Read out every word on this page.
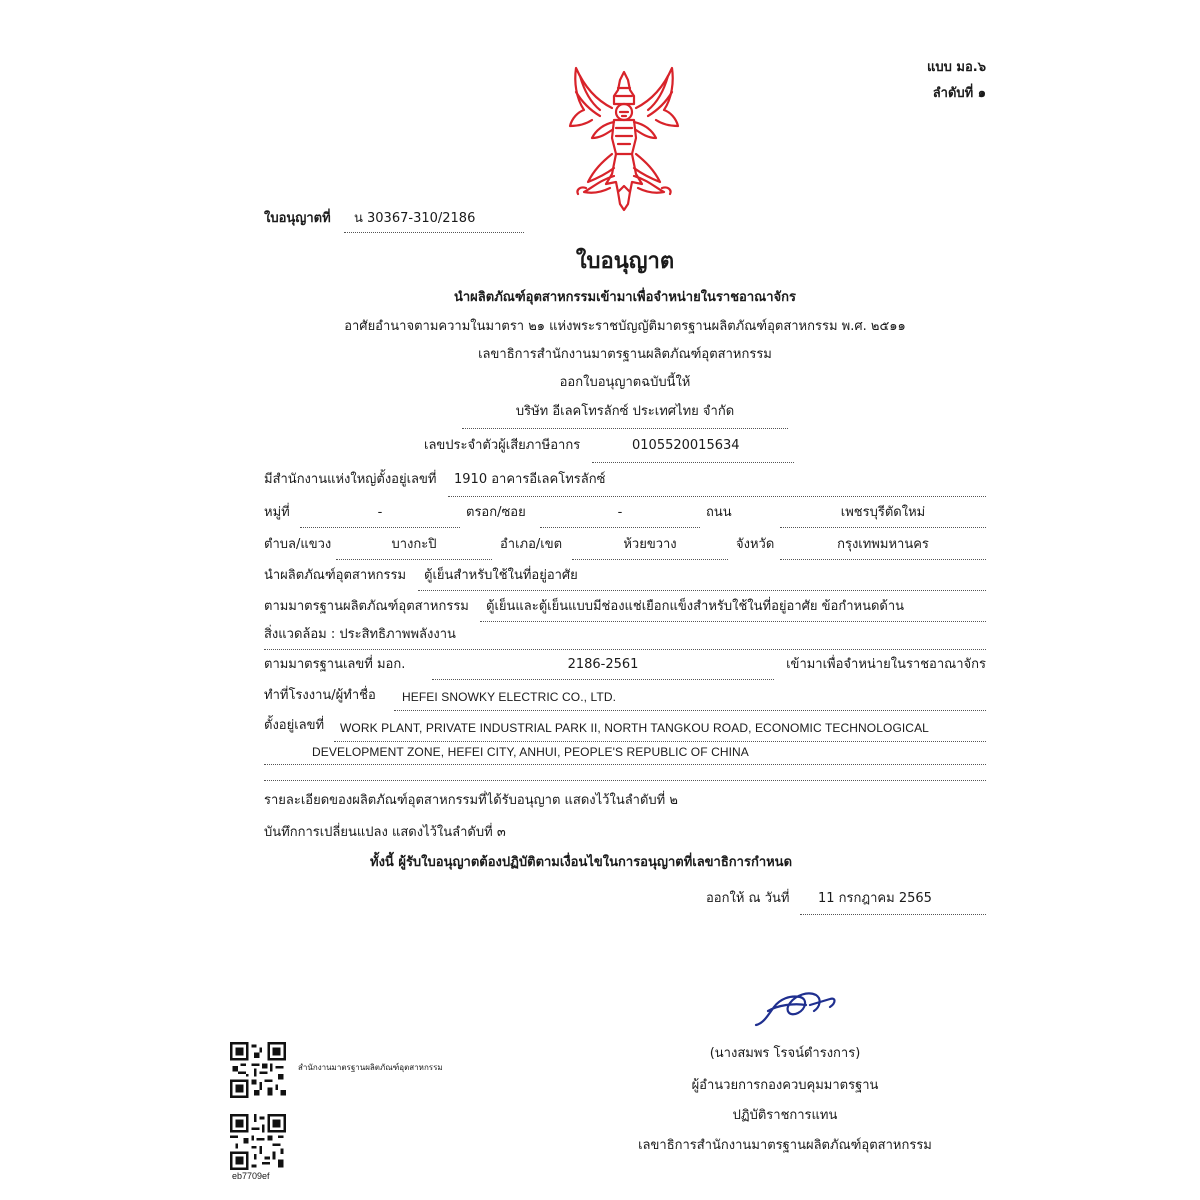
แบบ มอ.๖
ลำดับที่ ๑
ใบอนุญาตที่ น 30367-310/2186
ใบอนุญาต
นำผลิตภัณฑ์อุตสาหกรรมเข้ามาเพื่อจำหน่ายในราชอาณาจักร
อาศัยอำนาจตามความในมาตรา ๒๑ แห่งพระราชบัญญัติมาตรฐานผลิตภัณฑ์อุตสาหกรรม พ.ศ. ๒๕๑๑
เลขาธิการสำนักงานมาตรฐานผลิตภัณฑ์อุตสาหกรรม
ออกใบอนุญาตฉบับนี้ให้
บริษัท อีเลคโทรลักซ์ ประเทศไทย จำกัด
เลขประจำตัวผู้เสียภาษีอากร	0105520015634
มีสำนักงานแห่งใหญ่ตั้งอยู่เลขที่ 1910 อาคารอีเลคโทรลักซ์
หมู่ที่	-	ตรอก/ซอย	-	ถนน	เพชรบุรีตัดใหม่
ตำบล/แขวง	บางกะปิ	อำเภอ/เขต	ห้วยขวาง	จังหวัด	กรุงเทพมหานคร
นำผลิตภัณฑ์อุตสาหกรรม ตู้เย็นสำหรับใช้ในที่อยู่อาศัย
ตามมาตรฐานผลิตภัณฑ์อุตสาหกรรม ตู้เย็นและตู้เย็นแบบมีช่องแช่เยือกแข็งสำหรับใช้ในที่อยู่อาศัย ข้อกำหนดด้าน
สิ่งแวดล้อม : ประสิทธิภาพพลังงาน
ตามมาตรฐานเลขที่ มอก.	2186-2561	เข้ามาเพื่อจำหน่ายในราชอาณาจักร
ทำที่โรงงาน/ผู้ทำชื่อ HEFEI SNOWKY ELECTRIC CO., LTD.
ตั้งอยู่เลขที่ WORK PLANT, PRIVATE INDUSTRIAL PARK II, NORTH TANGKOU ROAD, ECONOMIC TECHNOLOGICAL
DEVELOPMENT ZONE, HEFEI CITY, ANHUI, PEOPLE'S REPUBLIC OF CHINA
รายละเอียดของผลิตภัณฑ์อุตสาหกรรมที่ได้รับอนุญาต แสดงไว้ในลำดับที่ ๒
บันทึกการเปลี่ยนแปลง แสดงไว้ในลำดับที่ ๓
ทั้งนี้ ผู้รับใบอนุญาตต้องปฏิบัติตามเงื่อนไขในการอนุญาตที่เลขาธิการกำหนด
ออกให้ ณ วันที่ 11 กรกฎาคม 2565
(นางสมพร โรจน์ดำรงการ)
ผู้อำนวยการกองควบคุมมาตรฐาน
ปฏิบัติราชการแทน
เลขาธิการสำนักงานมาตรฐานผลิตภัณฑ์อุตสาหกรรม
สำนักงานมาตรฐานผลิตภัณฑ์อุตสาหกรรม
eb7709ef
